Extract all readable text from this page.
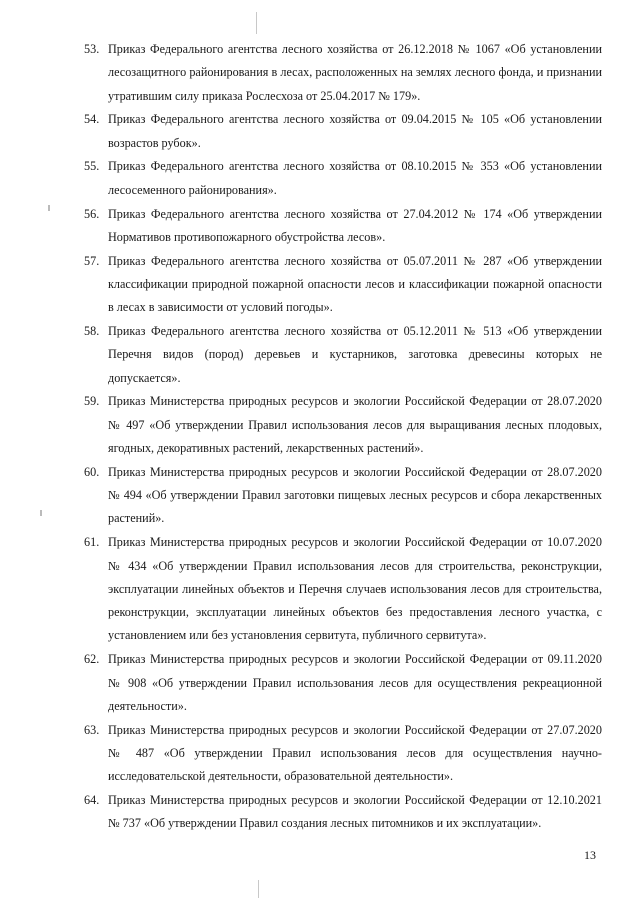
53. Приказ Федерального агентства лесного хозяйства от 26.12.2018 № 1067 «Об установлении лесозащитного районирования в лесах, расположенных на землях лесного фонда, и признании утратившим силу приказа Рослесхоза от 25.04.2017 № 179».
54. Приказ Федерального агентства лесного хозяйства от 09.04.2015 № 105 «Об установлении возрастов рубок».
55. Приказ Федерального агентства лесного хозяйства от 08.10.2015 № 353 «Об установлении лесосеменного районирования».
56. Приказ Федерального агентства лесного хозяйства от 27.04.2012 № 174 «Об утверждении Нормативов противопожарного обустройства лесов».
57. Приказ Федерального агентства лесного хозяйства от 05.07.2011 № 287 «Об утверждении классификации природной пожарной опасности лесов и классификации пожарной опасности в лесах в зависимости от условий погоды».
58. Приказ Федерального агентства лесного хозяйства от 05.12.2011 № 513 «Об утверждении Перечня видов (пород) деревьев и кустарников, заготовка древесины которых не допускается».
59. Приказ Министерства природных ресурсов и экологии Российской Федерации от 28.07.2020 № 497 «Об утверждении Правил использования лесов для выращивания лесных плодовых, ягодных, декоративных растений, лекарственных растений».
60. Приказ Министерства природных ресурсов и экологии Российской Федерации от 28.07.2020 № 494 «Об утверждении Правил заготовки пищевых лесных ресурсов и сбора лекарственных растений».
61. Приказ Министерства природных ресурсов и экологии Российской Федерации от 10.07.2020 № 434 «Об утверждении Правил использования лесов для строительства, реконструкции, эксплуатации линейных объектов и Перечня случаев использования лесов для строительства, реконструкции, эксплуатации линейных объектов без предоставления лесного участка, с установлением или без установления сервитута, публичного сервитута».
62. Приказ Министерства природных ресурсов и экологии Российской Федерации от 09.11.2020 № 908 «Об утверждении Правил использования лесов для осуществления рекреационной деятельности».
63. Приказ Министерства природных ресурсов и экологии Российской Федерации от 27.07.2020 № 487 «Об утверждении Правил использования лесов для осуществления научно-исследовательской деятельности, образовательной деятельности».
64. Приказ Министерства природных ресурсов и экологии Российской Федерации от 12.10.2021 № 737 «Об утверждении Правил создания лесных питомников и их эксплуатации».
13
